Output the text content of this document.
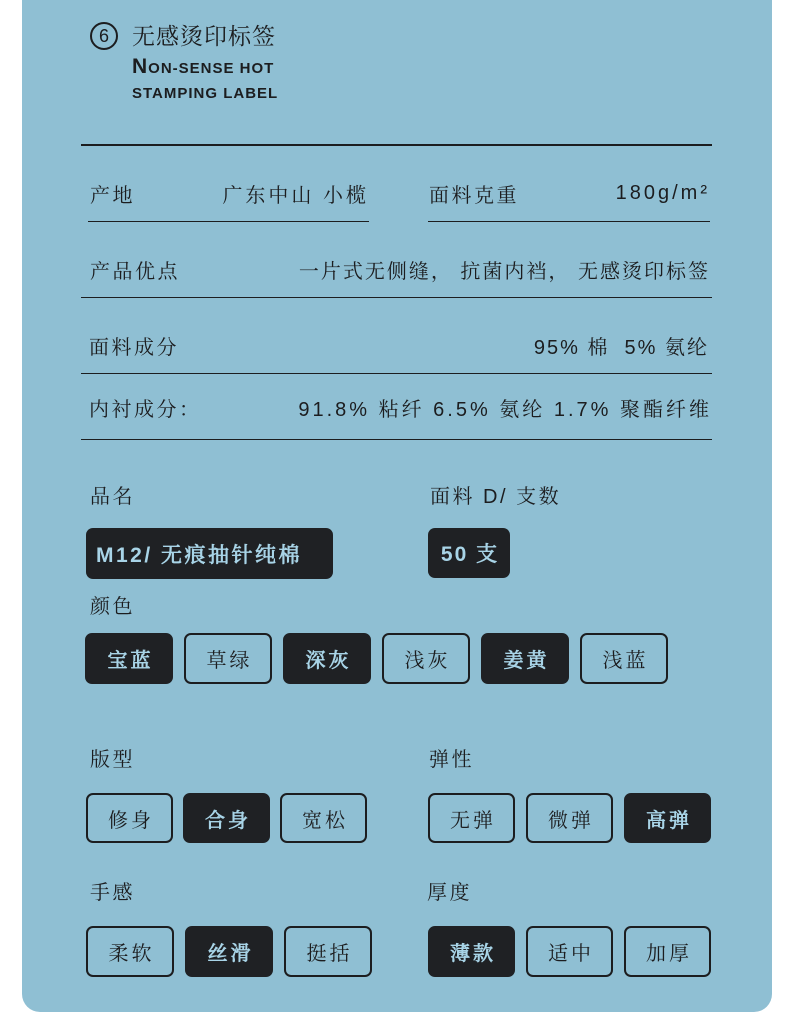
6	无感烫印标签
NON-SENSE HOT
STAMPING LABEL
产地	广东中山 小榄	面料克重	180g/m²
产品优点	一片式无侧缝， 抗菌内裆， 无感烫印标签
面料成分	95% 棉  5% 氨纶
内衬成分：	91.8% 粘纤 6.5% 氨纶 1.7% 聚酯纤维
品名	面料 D/ 支数
M12/ 无痕抽针纯棉	50 支
颜色
宝蓝	草绿	深灰	浅灰	姜黄	浅蓝
版型	弹性
修身	合身	宽松	无弹	微弹	高弹
手感	厚度
柔软	丝滑	挺括	薄款	适中	加厚
